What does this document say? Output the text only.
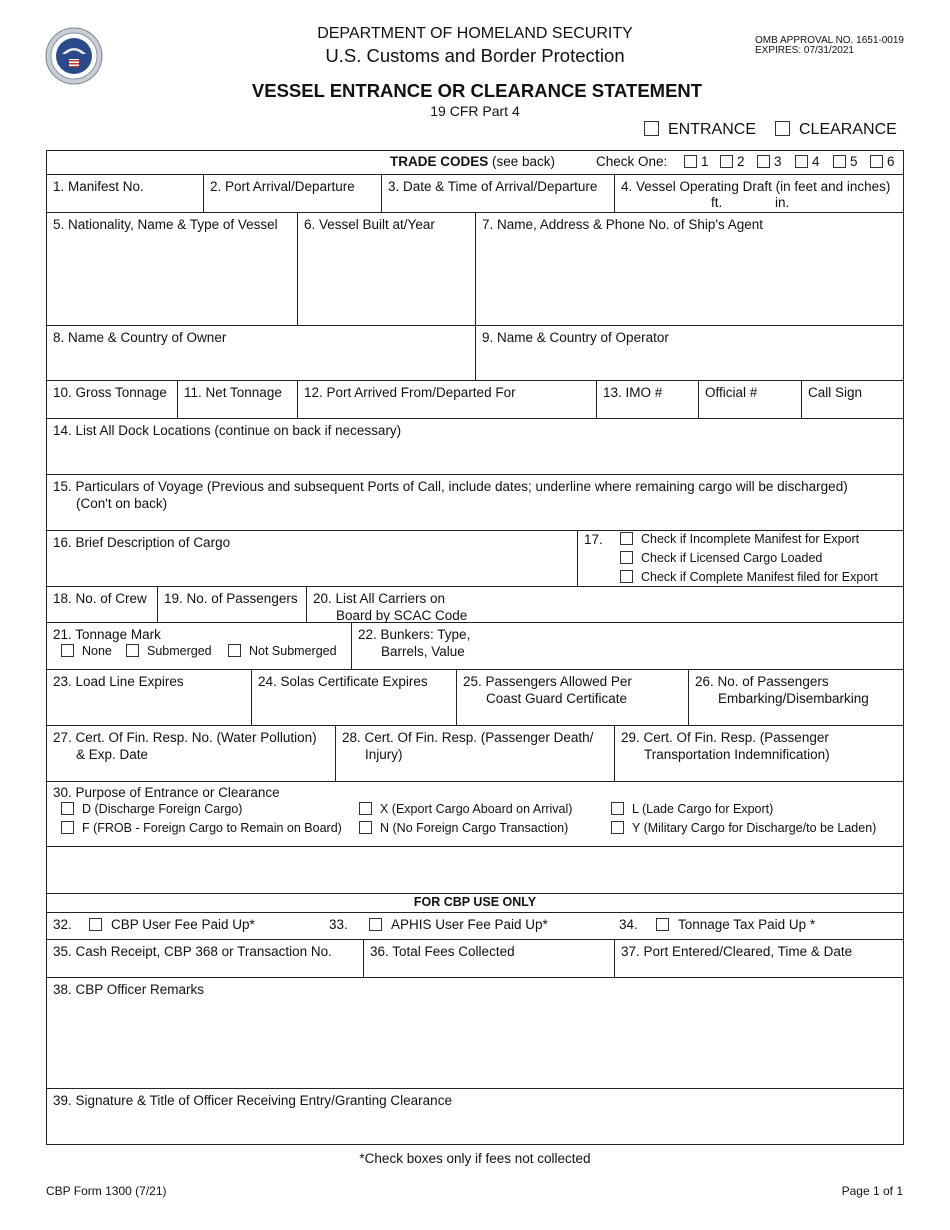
DEPARTMENT OF HOMELAND SECURITY
U.S. Customs and Border Protection
OMB APPROVAL NO. 1651-0019
EXPIRES: 07/31/2021
VESSEL ENTRANCE OR CLEARANCE STATEMENT
19 CFR Part 4
ENTRANCE	CLEARANCE
TRADE CODES (see back)	Check One:	1	2	3	4	5	6
1. Manifest No.	2. Port Arrival/Departure	3. Date & Time of Arrival/Departure	4. Vessel Operating Draft (in feet and inches)
ft.	in.
5. Nationality, Name & Type of Vessel	6. Vessel Built at/Year	7. Name, Address & Phone No. of Ship's Agent
8. Name & Country of Owner	9. Name & Country of Operator
10. Gross Tonnage	11. Net Tonnage	12. Port Arrived From/Departed For	13. IMO #	Official #	Call Sign
14. List All Dock Locations (continue on back if necessary)
15. Particulars of Voyage (Previous and subsequent Ports of Call, include dates; underline where remaining cargo will be discharged)
(Con't on back)
16. Brief Description of Cargo	17.	Check if Incomplete Manifest for Export
Check if Licensed Cargo Loaded
Check if Complete Manifest filed for Export
18. No. of Crew	19. No. of Passengers	20. List All Carriers on
Board by SCAC Code
21. Tonnage Mark
None	Submerged	Not Submerged
22. Bunkers: Type,
Barrels, Value
23. Load Line Expires	24. Solas Certificate Expires	25. Passengers Allowed Per
Coast Guard Certificate
26. No. of Passengers
Embarking/Disembarking
27. Cert. Of Fin. Resp. No. (Water Pollution)
& Exp. Date
28. Cert. Of Fin. Resp. (Passenger Death/
Injury)
29. Cert. Of Fin. Resp. (Passenger
Transportation Indemnification)
30. Purpose of Entrance or Clearance
D (Discharge Foreign Cargo)
F (FROB - Foreign Cargo to Remain on Board)
X (Export Cargo Aboard on Arrival)
N (No Foreign Cargo Transaction)
L (Lade Cargo for Export)
Y (Military Cargo for Discharge/to be Laden)
FOR CBP USE ONLY
32.	CBP User Fee Paid Up*	33.	APHIS User Fee Paid Up*	34.	Tonnage Tax Paid Up *
35. Cash Receipt, CBP 368 or Transaction No.	36. Total Fees Collected	37. Port Entered/Cleared, Time & Date
38. CBP Officer Remarks
39. Signature & Title of Officer Receiving Entry/Granting Clearance
*Check boxes only if fees not collected
CBP Form 1300 (7/21)	Page 1 of 1
